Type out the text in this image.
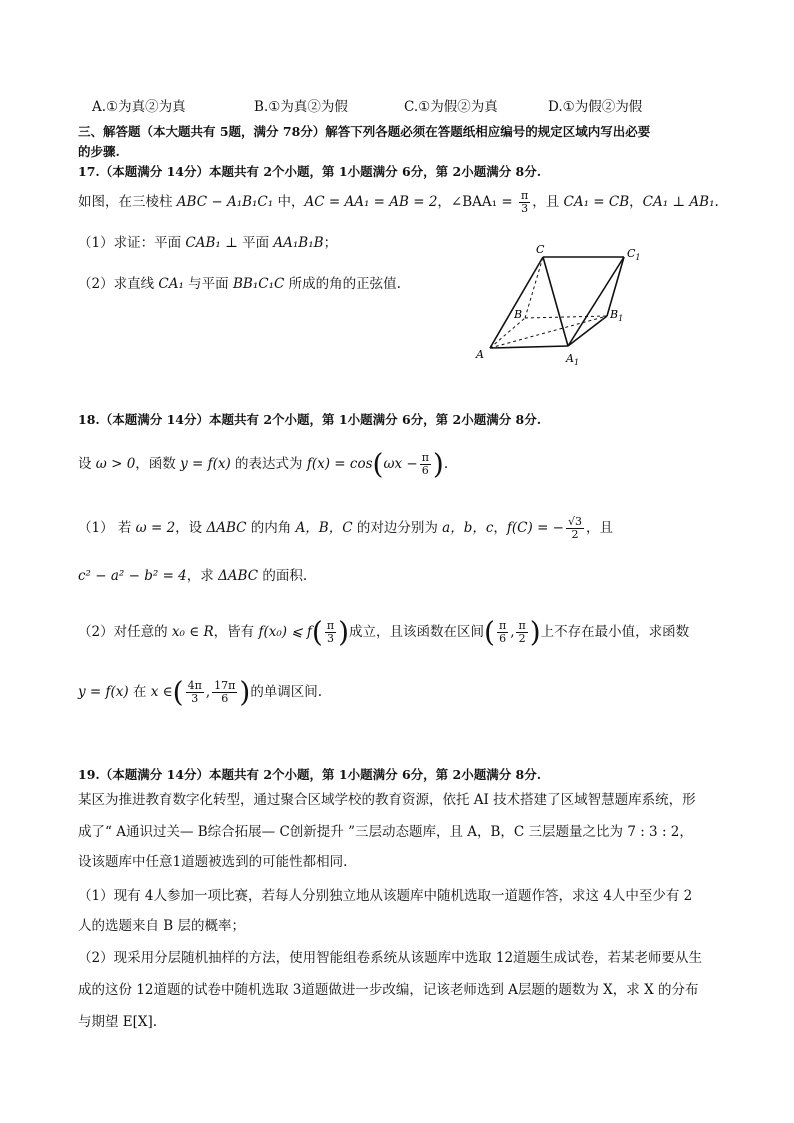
A.①为真②为真	B.①为真②为假	C.①为假②为真	D.①为假②为假
三、解答题（本大题共有 5题，满分 78分）解答下列各题必须在答题纸相应编号的规定区域内写出必要
的步骤.
17.（本题满分 14分）本题共有 2个小题，第 1小题满分 6分，第 2小题满分 8分.
如图，在三棱柱 ABC − A₁B₁C₁ 中，AC = AA₁ = AB = 2，∠BAA₁ = $\frac{\pi}{3}$ ，且 CA₁ = CB，CA₁ ⊥ AB₁.
（1）求证：平面 CAB₁ ⊥ 平面 AA₁B₁B；
（2）求直线 CA₁ 与平面 BB₁C₁C 所成的角的正弦值.
C	$C_1$
B	$B_1$
A	$A_1$
18.（本题满分 14分）本题共有 2个小题，第 1小题满分 6分，第 2小题满分 8分.
设 ω > 0，函数 y = f(x) 的表达式为 $f(x) = \cos(\omega x - \frac{\pi}{6}$ ).
（1） 若 ω = 2，设 ΔABC 的内角 A，B，C 的对边分别为 a，b，c，f(C) = − $\frac{√3}{2}$ ，且
c² − a² − b² = 4，求 ΔABC 的面积.
（2）对任意的 x₀ ∈ R，皆有 f(x₀) ⩽ $f( \frac{\pi}{3}$ )成立，且该函数在区间( $\frac{\pi}{6}$ , $\frac{\pi}{2}$ )上不存在最小值，求函数
y = f(x) 在 x ∈( $\frac{4\pi}{3}$ , $\frac{17\pi}{6}$ )的单调区间.
19.（本题满分 14分）本题共有 2个小题，第 1小题满分 6分，第 2小题满分 8分.
某区为推进教育数字化转型，通过聚合区域学校的教育资源，依托 AI 技术搭建了区域智慧题库系统，形
成了“ A通识过关— B综合拓展— C创新提升 ”三层动态题库，且 A，B，C 三层题量之比为 7 : 3 : 2，
设该题库中任意1道题被选到的可能性都相同.
（1）现有 4人参加一项比赛，若每人分别独立地从该题库中随机选取一道题作答，求这 4人中至少有 2
人的选题来自 B 层的概率；
（2）现采用分层随机抽样的方法，使用智能组卷系统从该题库中选取 12道题生成试卷，若某老师要从生
成的这份 12道题的试卷中随机选取 3道题做进一步改编，记该老师选到 A层题的题数为 X，求 X 的分布
与期望 E[X].
